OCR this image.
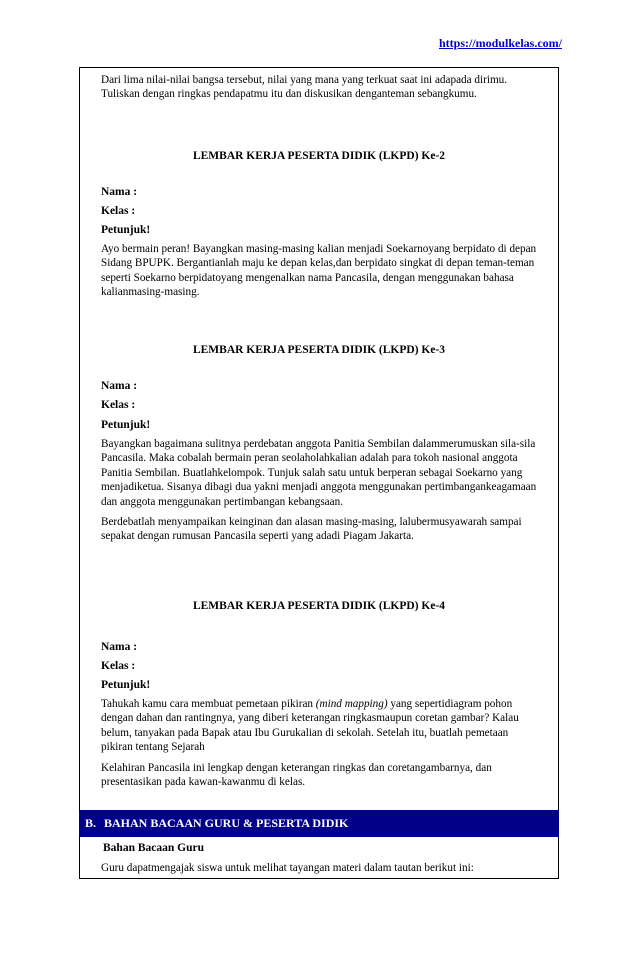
https://modulkelas.com/

Dari lima nilai-nilai bangsa tersebut, nilai yang mana yang terkuat saat ini adapada dirimu.

Tuliskan dengan ringkas pendapatmu itu dan diskusikan denganteman sebangkumu.

LEMBAR KERJA PESERTA DIDIK (LKPD) Ke-2
Nama :
Kelas :
Petunjuk!

Ayo bermain peran! Bayangkan masing-masing kalian menjadi Soekarnoyang berpidato di depan Sidang BPUPK. Bergantianlah maju ke depan kelas,dan berpidato singkat di depan teman-teman seperti Soekarno berpidatoyang mengenalkan nama Pancasila, dengan menggunakan bahasa kalianmasing-masing.

LEMBAR KERJA PESERTA DIDIK (LKPD) Ke-3
Nama :
Kelas :
Petunjuk!

Bayangkan bagaimana sulitnya perdebatan anggota Panitia Sembilan dalammerumuskan sila-sila Pancasila. Maka cobalah bermain peran seolaholahkalian adalah para tokoh nasional anggota Panitia Sembilan. Buatlahkelompok. Tunjuk salah satu untuk berperan sebagai Soekarno yang menjadiketua. Sisanya dibagi dua yakni menjadi anggota menggunakan pertimbangankeagamaan dan anggota menggunakan pertimbangan kebangsaan.

Berdebatlah menyampaikan keinginan dan alasan masing-masing, lalubermusyawarah sampai sepakat dengan rumusan Pancasila seperti yang adadi Piagam Jakarta.

LEMBAR KERJA PESERTA DIDIK (LKPD) Ke-4
Nama :
Kelas :
Petunjuk!

Tahukah kamu cara membuat pemetaan pikiran (mind mapping) yang sepertidiagram pohon dengan dahan dan rantingnya, yang diberi keterangan ringkasmaupun coretan gambar? Kalau belum, tanyakan pada Bapak atau Ibu Gurukalian di sekolah. Setelah itu, buatlah pemetaan pikiran tentang Sejarah

Kelahiran Pancasila ini lengkap dengan keterangan ringkas dan coretangambarnya, dan presentasikan pada kawan-kawanmu di kelas.

B. BAHAN BACAAN GURU & PESERTA DIDIK
Bahan Bacaan Guru

Guru dapatmengajak siswa untuk melihat tayangan materi dalam tautan berikut ini:
